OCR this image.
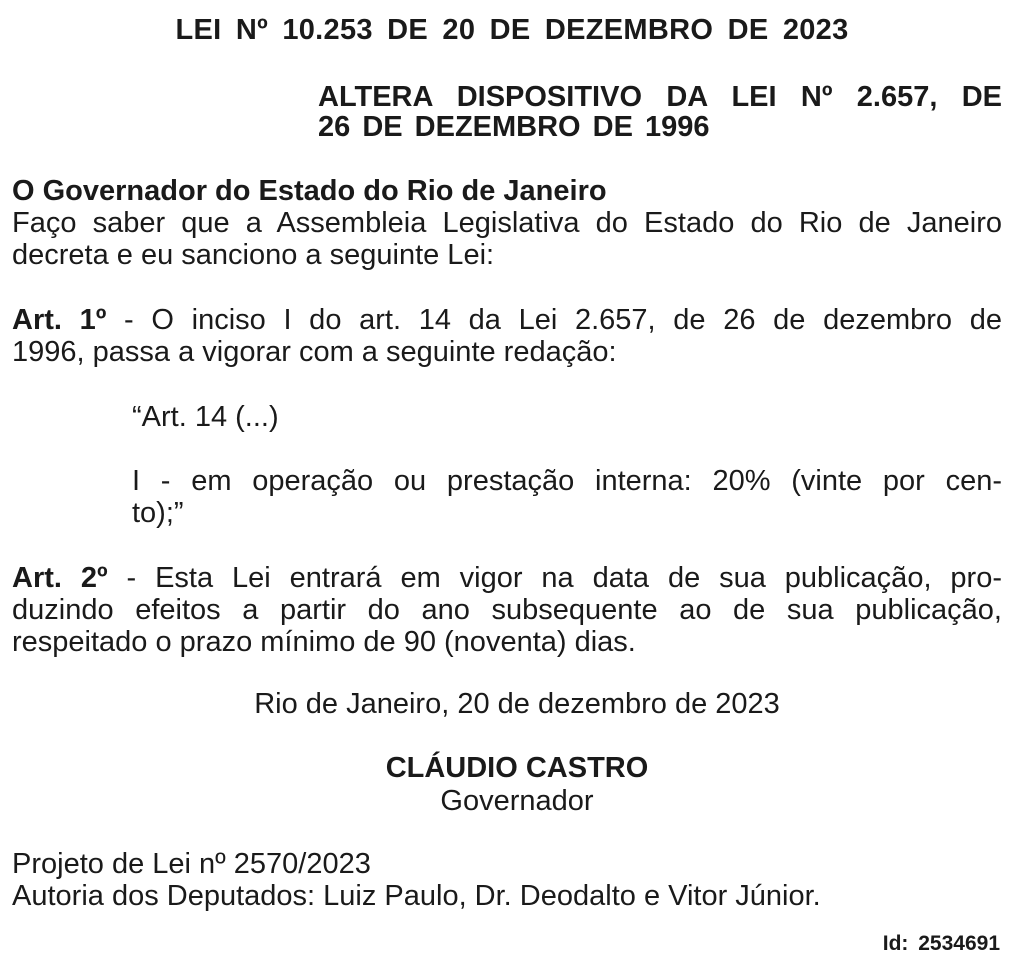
LEI Nº 10.253 DE 20 DE DEZEMBRO DE 2023
ALTERA DISPOSITIVO DA LEI Nº 2.657, DE
26 DE DEZEMBRO DE 1996
O Governador do Estado do Rio de Janeiro
Faço saber que a Assembleia Legislativa do Estado do Rio de Janeiro
decreta e eu sanciono a seguinte Lei:
Art. 1º - O inciso I do art. 14 da Lei 2.657, de 26 de dezembro de
1996, passa a vigorar com a seguinte redação:
“Art. 14 (...)
I - em operação ou prestação interna: 20% (vinte por cen-
to);”
Art. 2º - Esta Lei entrará em vigor na data de sua publicação, pro-
duzindo efeitos a partir do ano subsequente ao de sua publicação,
respeitado o prazo mínimo de 90 (noventa) dias.
Rio de Janeiro, 20 de dezembro de 2023
CLÁUDIO CASTRO
Governador
Projeto de Lei nº 2570/2023
Autoria dos Deputados: Luiz Paulo, Dr. Deodalto e Vitor Júnior.
Id: 2534691
